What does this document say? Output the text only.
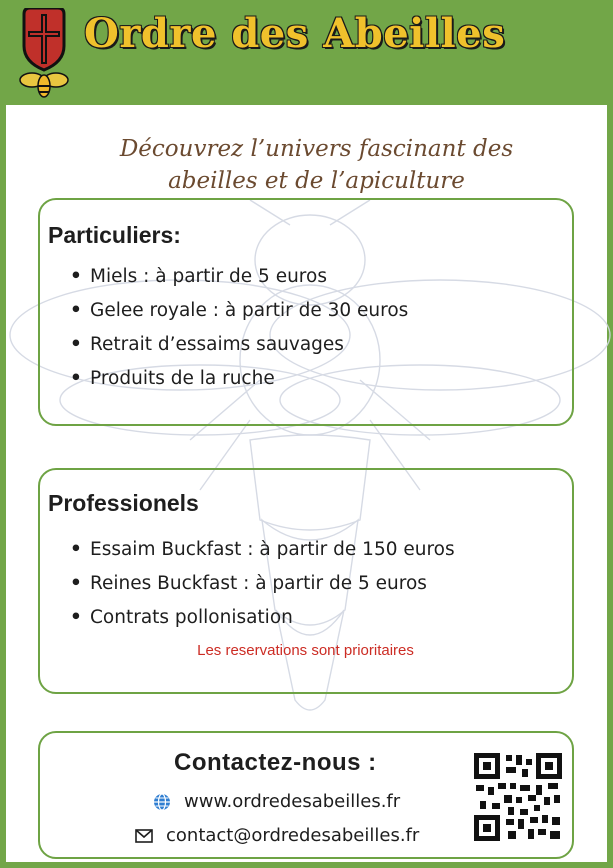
Ordre des Abeilles
Découvrez l’univers fascinant des
abeilles et de l’apiculture
Particuliers:
• Miels : à partir de 5 euros
• Gelee royale : à partir de 30 euros
• Retrait d’essaims sauvages
• Produits de la ruche
Professionels
• Essaim Buckfast : à partir de 150 euros
• Reines Buckfast : à partir de 5 euros
• Contrats pollonisation
Les reservations sont prioritaires
Contactez-nous :
www.ordredesabeilles.fr
contact@ordredesabeilles.fr
